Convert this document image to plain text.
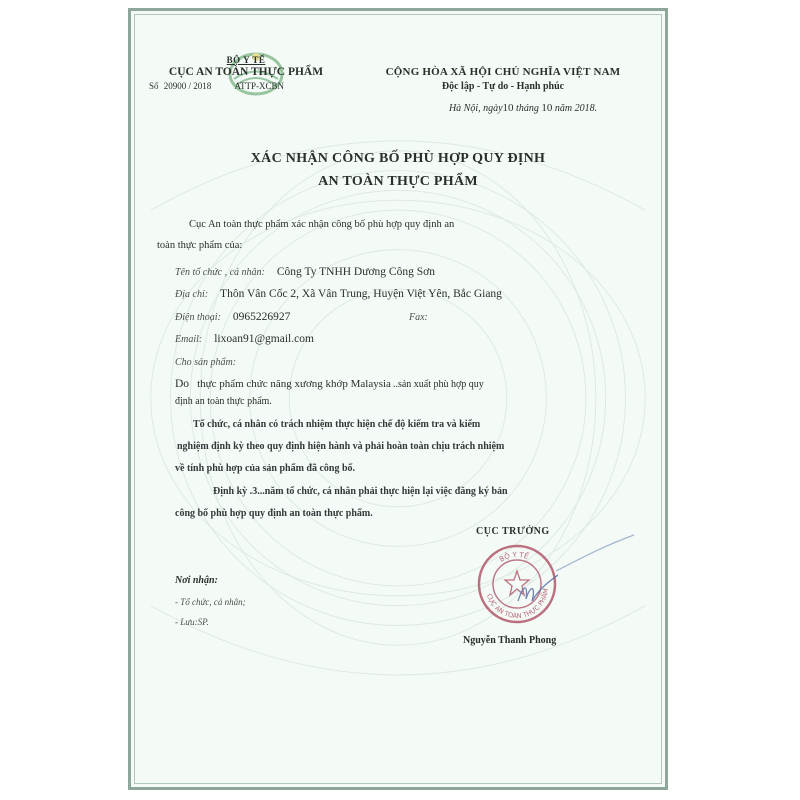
BỘ Y TẾ
CỤC AN TOÀN THỰC PHẨM
Số 20900 / 2018	ATTP-XCBN
CỘNG HÒA XÃ HỘI CHỦ NGHĨA VIỆT NAM
Độc lập - Tự do - Hạnh phúc
Hà Nội, ngày10 tháng 10 năm 2018.
XÁC NHẬN CÔNG BỐ PHÙ HỢP QUY ĐỊNH
AN TOÀN THỰC PHẨM
Cục An toàn thực phẩm xác nhận công bố phù hợp quy định an
toàn thực phẩm của:
Tên tổ chức , cá nhân: Công Ty TNHH Dương Công Sơn
Địa chỉ: Thôn Vân Cốc 2, Xã Vân Trung, Huyện Việt Yên, Bắc Giang
Điện thoại: 0965226927	Fax:
Email: lixoan91@gmail.com
Cho sản phẩm:
Do thực phẩm chức năng xương khớp Malaysia ..sản xuất phù hợp quy
định an toàn thực phẩm.
Tổ chức, cá nhân có trách nhiệm thực hiện chế độ kiểm tra và kiểm
nghiệm định kỳ theo quy định hiện hành và phải hoàn toàn chịu trách nhiệm
về tính phù hợp của sản phẩm đã công bố.
Định kỳ .3...năm tổ chức, cá nhân phải thực hiện lại việc đăng ký bản
công bố phù hợp quy định an toàn thực phẩm.
CỤC TRƯỞNG
BỘ Y TẾ
CỤC AN TOÀN THỰC PHẨM
Nguyễn Thanh Phong
Nơi nhận:
- Tổ chức, cá nhân;
- Lưu:SP.
